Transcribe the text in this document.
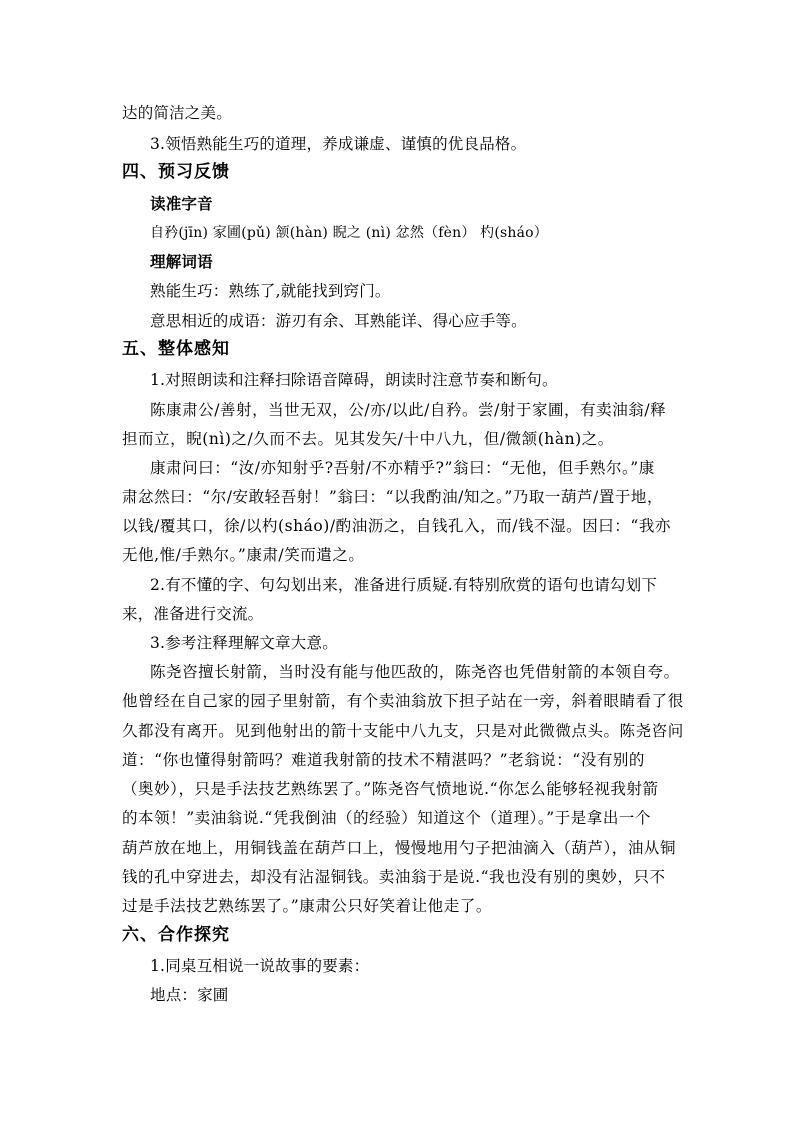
达的简洁之美。
3.领悟熟能生巧的道理，养成谦虚、谨慎的优良品格。
四、预习反馈
读准字音
自矜(jīn) 家圃(pǔ) 颔(hàn) 睨之 (nì) 忿然（fèn） 杓(sháo）
理解词语
熟能生巧：熟练了,就能找到窍门。
意思相近的成语：游刃有余、耳熟能详、得心应手等。
五、整体感知
1.对照朗读和注释扫除语音障碍，朗读时注意节奏和断句。
陈康肃公/善射，当世无双，公/亦/以此/自矜。尝/射于家圃，有卖油翁/释
担而立，睨(nì)之/久而不去。见其发矢/十中八九，但/微颔(hàn)之。
康肃问曰：“汝/亦知射乎?吾射/不亦精乎?”翁曰：“无他，但手熟尔。”康
肃忿然曰：“尔/安敢轻吾射！”翁曰：“以我酌油/知之。”乃取一葫芦/置于地，
以钱/覆其口，徐/以杓(sháo)/酌油沥之，自钱孔入，而/钱不湿。因曰：“我亦
无他,惟/手熟尔。”康肃/笑而遣之。
2.有不懂的字、句勾划出来，准备进行质疑.有特别欣赏的语句也请勾划下
来，准备进行交流。
3.参考注释理解文章大意。
陈尧咨擅长射箭，当时没有能与他匹敌的，陈尧咨也凭借射箭的本领自夸。
他曾经在自己家的园子里射箭，有个卖油翁放下担子站在一旁，斜着眼睛看了很
久都没有离开。见到他射出的箭十支能中八九支，只是对此微微点头。陈尧咨问
道：“你也懂得射箭吗？难道我射箭的技术不精湛吗？”老翁说：“没有别的
（奥妙），只是手法技艺熟练罢了。”陈尧咨气愤地说.“你怎么能够轻视我射箭
的本领！”卖油翁说.“凭我倒油（的经验）知道这个（道理）。”于是拿出一个
葫芦放在地上，用铜钱盖在葫芦口上，慢慢地用勺子把油滴入（葫芦），油从铜
钱的孔中穿进去，却没有沾湿铜钱。卖油翁于是说.“我也没有别的奥妙，只不
过是手法技艺熟练罢了。”康肃公只好笑着让他走了。
六、合作探究
1.同桌互相说一说故事的要素：
地点：家圃
